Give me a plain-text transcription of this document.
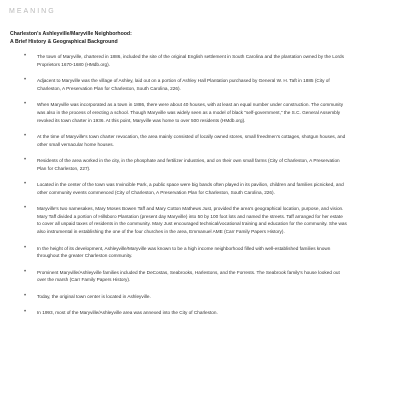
MEANING
Charleston's Ashleyville/Maryville Neighborhood:
A Brief History & Geographical Background
• The town of Maryville, chartered in 1886, included the site of the original English settlement in South Carolina and the plantation owned by the Lords Proprietors 1670-1680 (HMdb.org).
• Adjacent to Maryville was the village of Ashley, laid out on a portion of Ashley Hall Plantation purchased by General W. H. Taft in 1885 (City of Charleston, A Preservation Plan for Charleston, South Carolina, 226).
• When Maryville was incorporated as a town in 1886, there were about 40 houses, with at least an equal number under construction. The community was also in the process of erecting a school. Though Maryville was widely seen as a model of black "self-government," the S.C. General Assembly revoked its town charter in 1936. At this point, Maryville was home to over 500 residents (HMdb.org).
• At the time of Maryville's town charter revocation, the area mainly consisted of locally owned stores, small freedmen's cottages, shotgun houses, and other small vernacular home houses.
• Residents of the area worked in the city, in the phosphate and fertilizer industries, and on their own small farms (City of Charleston, A Preservation Plan for Charleston, 227).
• Located in the center of the town was Invincible Park, a public space were big bands often played in its pavilion, children and families picnicked, and other community events commenced (City of Charleston, A Preservation Plan for Charleston, South Carolina, 226).
• Maryville's two namesakes, Mary Moses Bowen Taff and Mary Cotton Mathews Just, provided the area's geographical location, purpose, and vision. Mary Taff divided a portion of Hillsboro Plantation (present day Maryville) into 50 by 100 foot lots and named the streets. Taff arranged for her estate to cover all unpaid taxes of residents in the community. Mary Just encouraged technical/vocational training and education for the community. She was also instrumental in establishing the one of the four churches in the area, Emmanuel AME (Carr Family Papers History).
• In the height of its development, Ashleyville/Maryville was known to be a high income neighborhood filled with well-established families known throughout the greater Charleston community.
• Prominent Maryville/Ashleyville families included the DeCostas, Seabrooks, Harlestons, and the Forrests. The Seabrook family's house looked out over the marsh (Carr Family Papers History).
• Today, the original town center is located in Ashleyville.
• In 1993, most of the Maryville/Ashleyville area was annexed into the City of Charleston.
